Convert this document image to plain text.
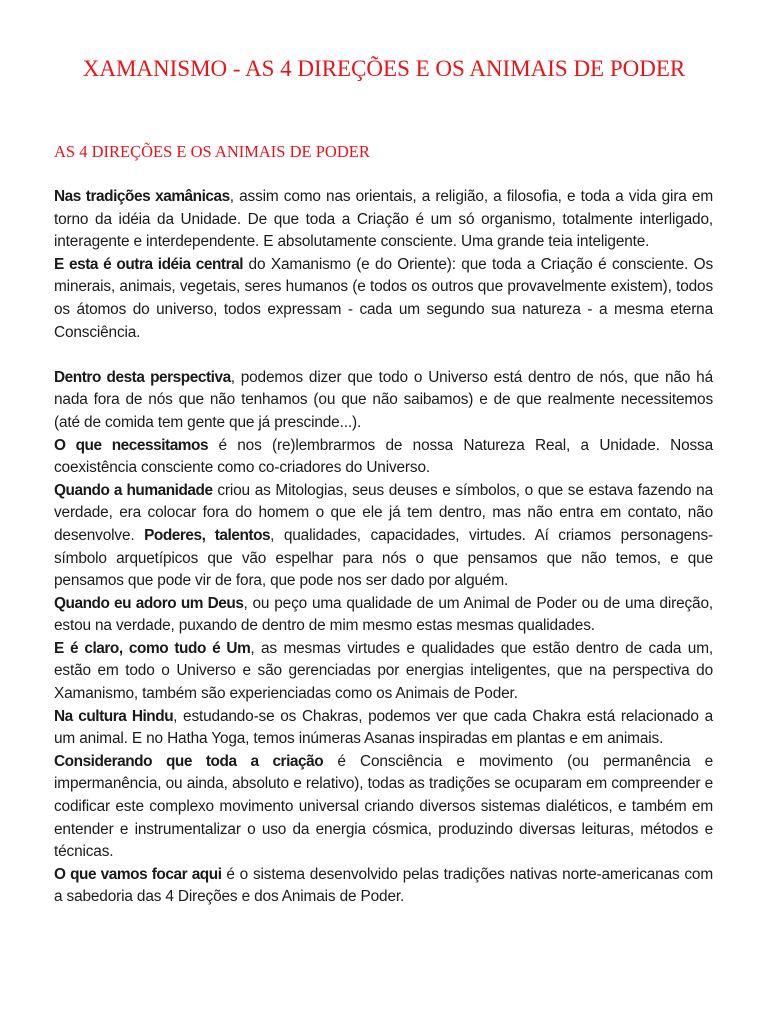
XAMANISMO - AS 4 DIREÇÕES E OS ANIMAIS DE PODER
AS 4 DIREÇÕES E OS ANIMAIS DE PODER

Nas tradições xamânicas, assim como nas orientais, a religião, a filosofia, e toda a vida gira em torno da idéia da Unidade. De que toda a Criação é um só organismo, totalmente interligado, interagente e interdependente. E absolutamente consciente. Uma grande teia inteligente.

E esta é outra idéia central do Xamanismo (e do Oriente): que toda a Criação é consciente. Os minerais, animais, vegetais, seres humanos (e todos os outros que provavelmente existem), todos os átomos do universo, todos expressam - cada um segundo sua natureza - a mesma eterna Consciência.

Dentro desta perspectiva, podemos dizer que todo o Universo está dentro de nós, que não há nada fora de nós que não tenhamos (ou que não saibamos) e de que realmente necessitemos (até de comida tem gente que já prescinde...).

O que necessitamos é nos (re)lembrarmos de nossa Natureza Real, a Unidade. Nossa coexistência consciente como co-criadores do Universo.

Quando a humanidade criou as Mitologias, seus deuses e símbolos, o que se estava fazendo na verdade, era colocar fora do homem o que ele já tem dentro, mas não entra em contato, não desenvolve. Poderes, talentos, qualidades, capacidades, virtudes. Aí criamos personagens-símbolo arquetípicos que vão espelhar para nós o que pensamos que não temos, e que pensamos que pode vir de fora, que pode nos ser dado por alguém.

Quando eu adoro um Deus, ou peço uma qualidade de um Animal de Poder ou de uma direção, estou na verdade, puxando de dentro de mim mesmo estas mesmas qualidades.

E é claro, como tudo é Um, as mesmas virtudes e qualidades que estão dentro de cada um, estão em todo o Universo e são gerenciadas por energias inteligentes, que na perspectiva do Xamanismo, também são experienciadas como os Animais de Poder.

Na cultura Hindu, estudando-se os Chakras, podemos ver que cada Chakra está relacionado a um animal. E no Hatha Yoga, temos inúmeras Asanas inspiradas em plantas e em animais.

Considerando que toda a criação é Consciência e movimento (ou permanência e impermanência, ou ainda, absoluto e relativo), todas as tradições se ocuparam em compreender e codificar este complexo movimento universal criando diversos sistemas dialéticos, e também em entender e instrumentalizar o uso da energia cósmica, produzindo diversas leituras, métodos e técnicas.

O que vamos focar aqui é o sistema desenvolvido pelas tradições nativas norte-americanas com a sabedoria das 4 Direções e dos Animais de Poder.
